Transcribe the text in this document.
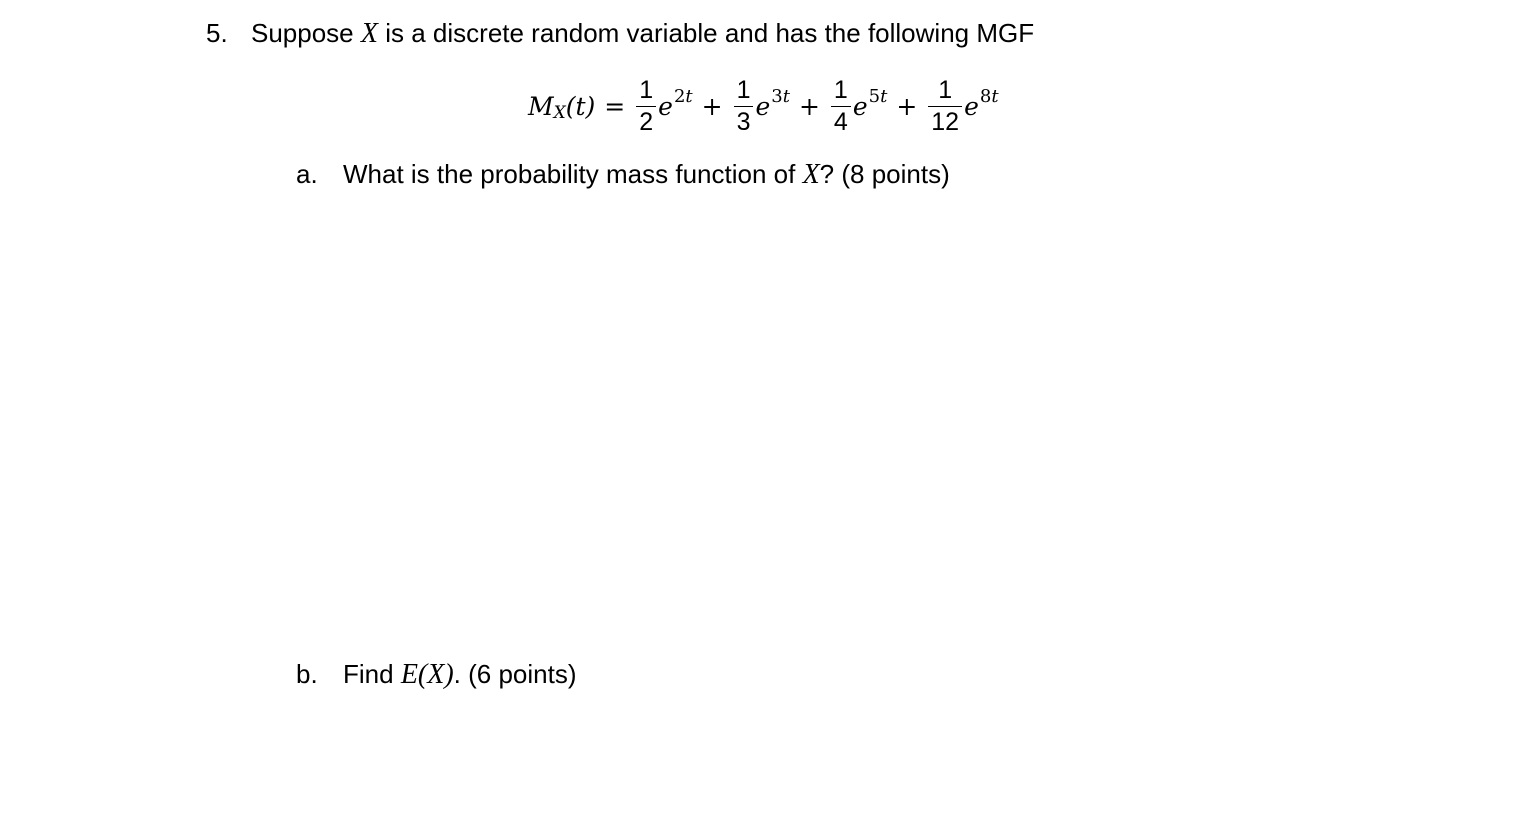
5. Suppose X is a discrete random variable and has the following MGF
M X $(t) = \frac{1}{2}$ e $2t + \frac{1}{3}$ e $3t + \frac{1}{4}$ e $5t + \frac{1}{12}$ e 8t
a. What is the probability mass function of X? (8 points)
b. Find E(X). (6 points)
